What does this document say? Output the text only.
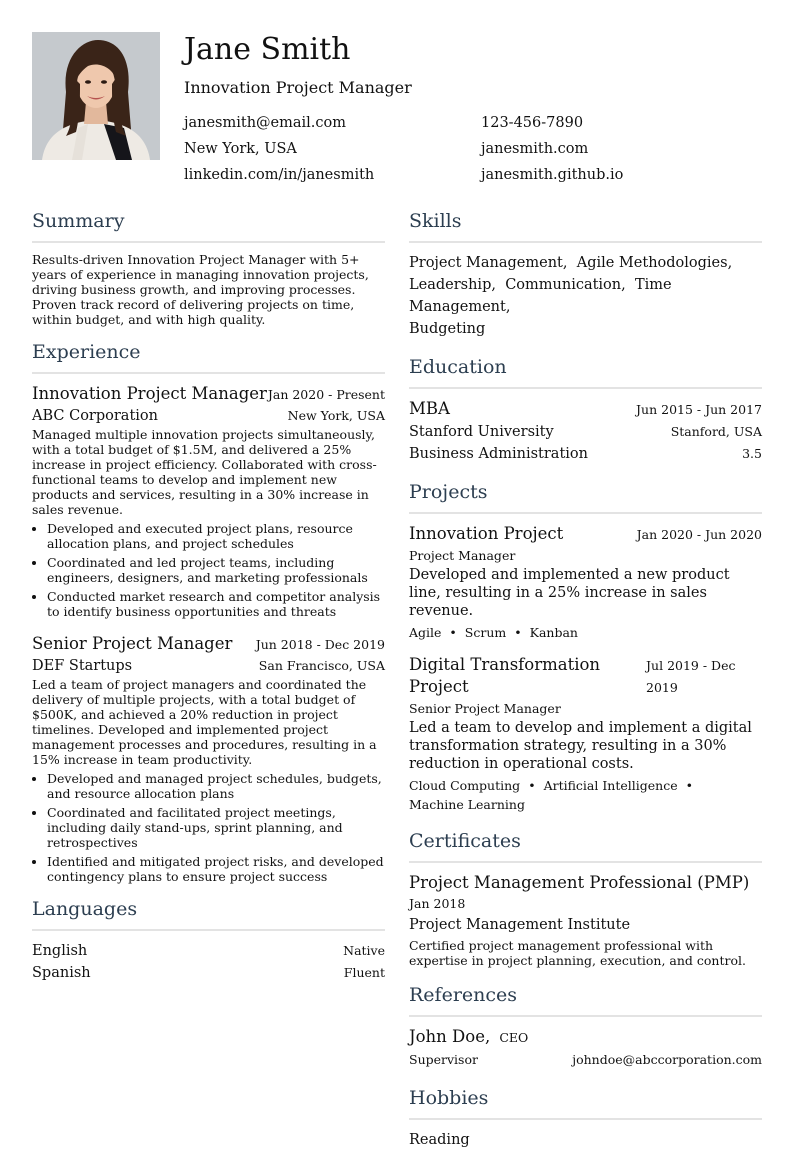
Jane Smith
Innovation Project Manager
janesmith@email.com	123-456-7890
New York, USA	janesmith.com
linkedin.com/in/janesmith	janesmith.github.io
Summary
Results-driven Innovation Project Manager with 5+ years of experience in managing innovation projects, driving business growth, and improving processes. Proven track record of delivering projects on time, within budget, and with high quality.
Experience
Innovation Project Manager Jan 2020 - Present
ABC Corporation	New York, USA
Managed multiple innovation projects simultaneously, with a total budget of $1.5M, and delivered a 25% increase in project efficiency. Collaborated with cross-functional teams to develop and implement new products and services, resulting in a 30% increase in sales revenue.
• Developed and executed project plans, resource allocation plans, and project schedules
• Coordinated and led project teams, including engineers, designers, and marketing professionals
• Conducted market research and competitor analysis to identify business opportunities and threats
Senior Project Manager Jun 2018 - Dec 2019
DEF Startups	San Francisco, USA
Led a team of project managers and coordinated the delivery of multiple projects, with a total budget of $500K, and achieved a 20% reduction in project timelines. Developed and implemented project management processes and procedures, resulting in a 15% increase in team productivity.
• Developed and managed project schedules, budgets, and resource allocation plans
• Coordinated and facilitated project meetings, including daily stand-ups, sprint planning, and retrospectives
• Identified and mitigated project risks, and developed contingency plans to ensure project success
Languages
English	Native
Spanish	Fluent
Skills
Project Management, Agile Methodologies,
Leadership, Communication, Time Management,
Budgeting
Education
MBA	Jun 2015 - Jun 2017
Stanford University	Stanford, USA
Business Administration	3.5
Projects
Innovation Project	Jan 2020 - Jun 2020
Project Manager
Developed and implemented a new product line, resulting in a 25% increase in sales revenue.
Agile • Scrum • Kanban
Digital Transformation Project
Jul 2019 - Dec 2019
Senior Project Manager
Led a team to develop and implement a digital transformation strategy, resulting in a 30% reduction in operational costs.
Cloud Computing • Artificial Intelligence •
Machine Learning
Certificates
Project Management Professional (PMP)
Jan 2018
Project Management Institute
Certified project management professional with expertise in project planning, execution, and control.
References
John Doe, CEO
Supervisor	johndoe@abccorporation.com
Hobbies
Reading
